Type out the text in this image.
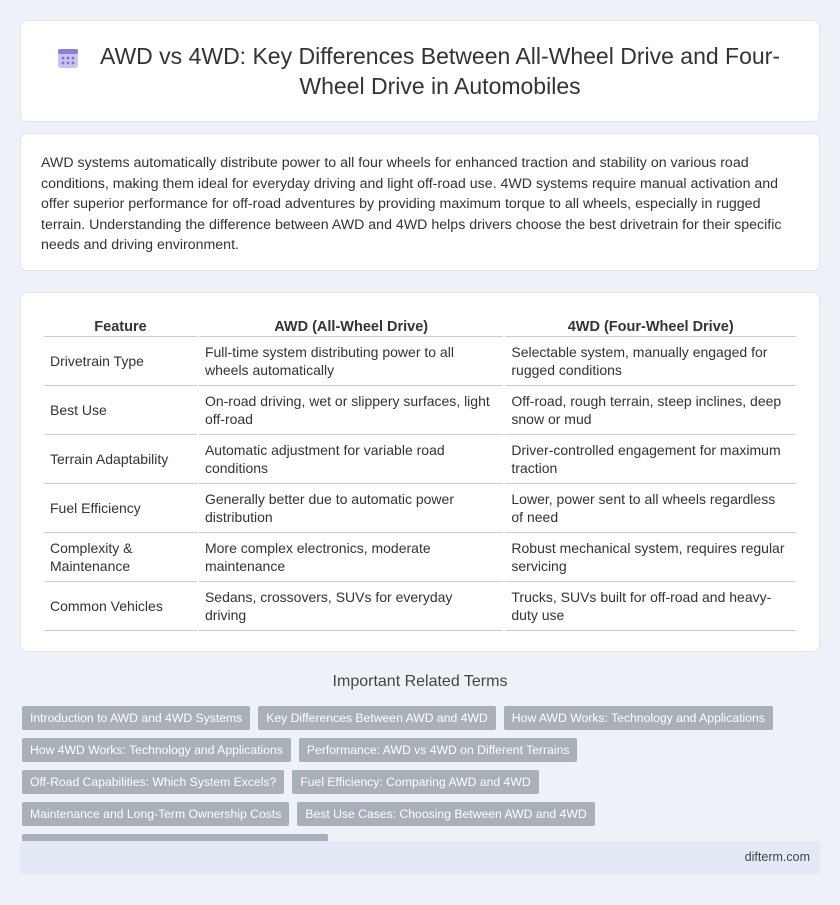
AWD vs 4WD: Key Differences Between All-Wheel Drive and Four-Wheel Drive in Automobiles

AWD systems automatically distribute power to all four wheels for enhanced traction and stability on various road conditions, making them ideal for everyday driving and light off-road use. 4WD systems require manual activation and offer superior performance for off-road adventures by providing maximum torque to all wheels, especially in rugged terrain. Understanding the difference between AWD and 4WD helps drivers choose the best drivetrain for their specific needs and driving environment.

Feature	AWD (All-Wheel Drive)	4WD (Four-Wheel Drive)
Drivetrain Type	Full-time system distributing power to all wheels automatically	Selectable system, manually engaged for rugged conditions
Best Use	On-road driving, wet or slippery surfaces, light off-road	Off-road, rough terrain, steep inclines, deep snow or mud
Terrain Adaptability	Automatic adjustment for variable road conditions	Driver-controlled engagement for maximum traction
Fuel Efficiency	Generally better due to automatic power distribution	Lower, power sent to all wheels regardless of need
Complexity & Maintenance	More complex electronics, moderate maintenance	Robust mechanical system, requires regular servicing
Common Vehicles	Sedans, crossovers, SUVs for everyday driving	Trucks, SUVs built for off-road and heavy-duty use
Important Related Terms
Introduction to AWD and 4WD Systems	Key Differences Between AWD and 4WD	How AWD Works: Technology and Applications
How 4WD Works: Technology and Applications	Performance: AWD vs 4WD on Different Terrains
Off-Road Capabilities: Which System Excels?	Fuel Efficiency: Comparing AWD and 4WD
Maintenance and Long-Term Ownership Costs	Best Use Cases: Choosing Between AWD and 4WD
difterm.com
